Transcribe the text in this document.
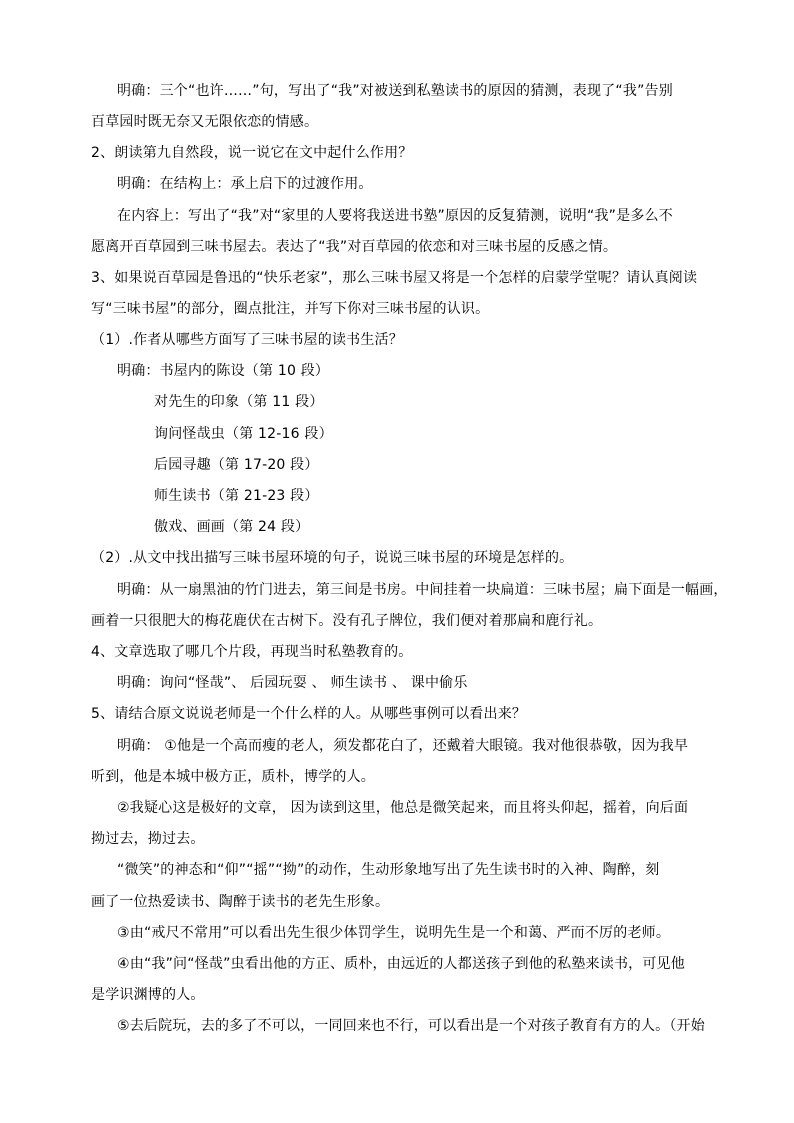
明确：三个“也许……”句，写出了“我”对被送到私塾读书的原因的猜测，表现了“我”告别
百草园时既无奈又无限依恋的情感。
2、朗读第九自然段，说一说它在文中起什么作用？
明确：在结构上：承上启下的过渡作用。
在内容上：写出了“我”对“家里的人要将我送进书塾”原因的反复猜测，说明“我”是多么不
愿离开百草园到三味书屋去。表达了“我”对百草园的依恋和对三味书屋的反感之情。
3、如果说百草园是鲁迅的“快乐老家”，那么三味书屋又将是一个怎样的启蒙学堂呢？请认真阅读
写“三味书屋”的部分，圈点批注，并写下你对三味书屋的认识。
（1）.作者从哪些方面写了三味书屋的读书生活？
明确：书屋内的陈设（第 10 段）
对先生的印象（第 11 段）
询问怪哉虫（第 12-16 段）
后园寻趣（第 17-20 段）
师生读书（第 21-23 段）
傲戏、画画（第 24 段）
（2）.从文中找出描写三味书屋环境的句子，说说三味书屋的环境是怎样的。
明确：从一扇黑油的竹门进去，第三间是书房。中间挂着一块扁道：三味书屋；扁下面是一幅画，
画着一只很肥大的梅花鹿伏在古树下。没有孔子牌位，我们便对着那扁和鹿行礼。
4、文章选取了哪几个片段，再现当时私塾教育的。
明确：询问“怪哉”、 后园玩耍 、 师生读书 、 课中偷乐
5、请结合原文说说老师是一个什么样的人。从哪些事例可以看出来？
明确： ①他是一个高而瘦的老人，须发都花白了，还戴着大眼镜。我对他很恭敬，因为我早
听到，他是本城中极方正，质朴，博学的人。
②我疑心这是极好的文章， 因为读到这里，他总是微笑起来，而且将头仰起，摇着，向后面
拗过去，拗过去。
“微笑”的神态和“仰”“摇”“拗”的动作，生动形象地写出了先生读书时的入神、陶醉，刻
画了一位热爱读书、陶醉于读书的老先生形象。
③由“戒尺不常用”可以看出先生很少体罚学生，说明先生是一个和蔼、严而不厉的老师。
④由“我”问“怪哉”虫看出他的方正、质朴，由远近的人都送孩子到他的私塾来读书，可见他
是学识渊博的人。
⑤去后院玩，去的多了不可以，一同回来也不行，可以看出是一个对孩子教育有方的人。（开始
